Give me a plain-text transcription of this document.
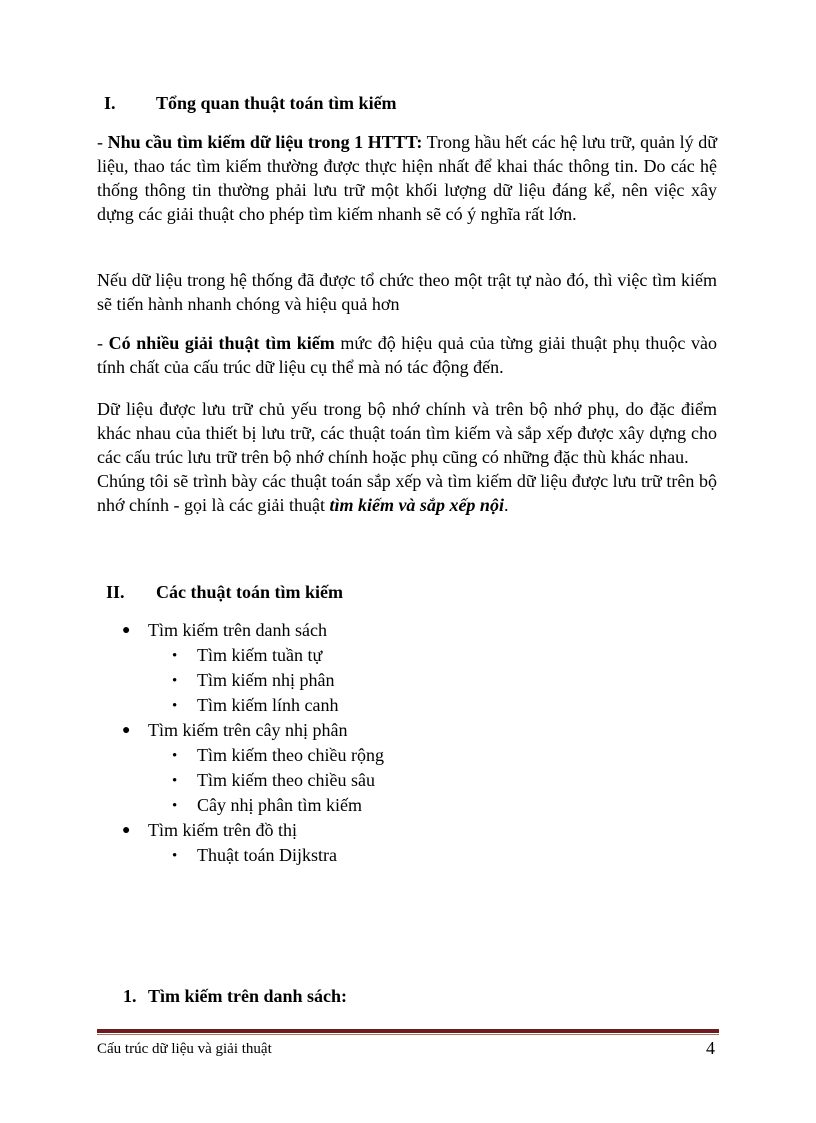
I.	Tổng quan thuật toán tìm kiếm

- Nhu cầu tìm kiếm dữ liệu trong 1 HTTT: Trong hầu hết các hệ lưu trữ, quản lý dữ liệu, thao tác tìm kiếm thường được thực hiện nhất để khai thác thông tin. Do các hệ thống thông tin thường phải lưu trữ một khối lượng dữ liệu đáng kể, nên việc xây dựng các giải thuật cho phép tìm kiếm nhanh sẽ có ý nghĩa rất lớn.

Nếu dữ liệu trong hệ thống đã được tổ chức theo một trật tự nào đó, thì việc tìm kiếm sẽ tiến hành nhanh chóng và hiệu quả hơn

- Có nhiều giải thuật tìm kiếm mức độ hiệu quả của từng giải thuật phụ thuộc vào tính chất của cấu trúc dữ liệu cụ thể mà nó tác động đến.

Dữ liệu được lưu trữ chủ yếu trong bộ nhớ chính và trên bộ nhớ phụ, do đặc điểm khác nhau của thiết bị lưu trữ, các thuật toán tìm kiếm và sắp xếp được xây dựng cho các cấu trúc lưu trữ trên bộ nhớ chính hoặc phụ cũng có những đặc thù khác nhau.
Chúng tôi sẽ trình bày các thuật toán sắp xếp và tìm kiếm dữ liệu được lưu trữ trên bộ nhớ chính - gọi là các giải thuật tìm kiếm và sắp xếp nội.

II.	Các thuật toán tìm kiếm
● Tìm kiếm trên danh sách
• Tìm kiếm tuần tự
• Tìm kiếm nhị phân
• Tìm kiếm lính canh
● Tìm kiếm trên cây nhị phân
• Tìm kiếm theo chiều rộng
• Tìm kiếm theo chiều sâu
• Cây nhị phân tìm kiếm
● Tìm kiếm trên đồ thị
• Thuật toán Dijkstra
1. Tìm kiếm trên danh sách:
Cấu trúc dữ liệu và giải thuật	4
